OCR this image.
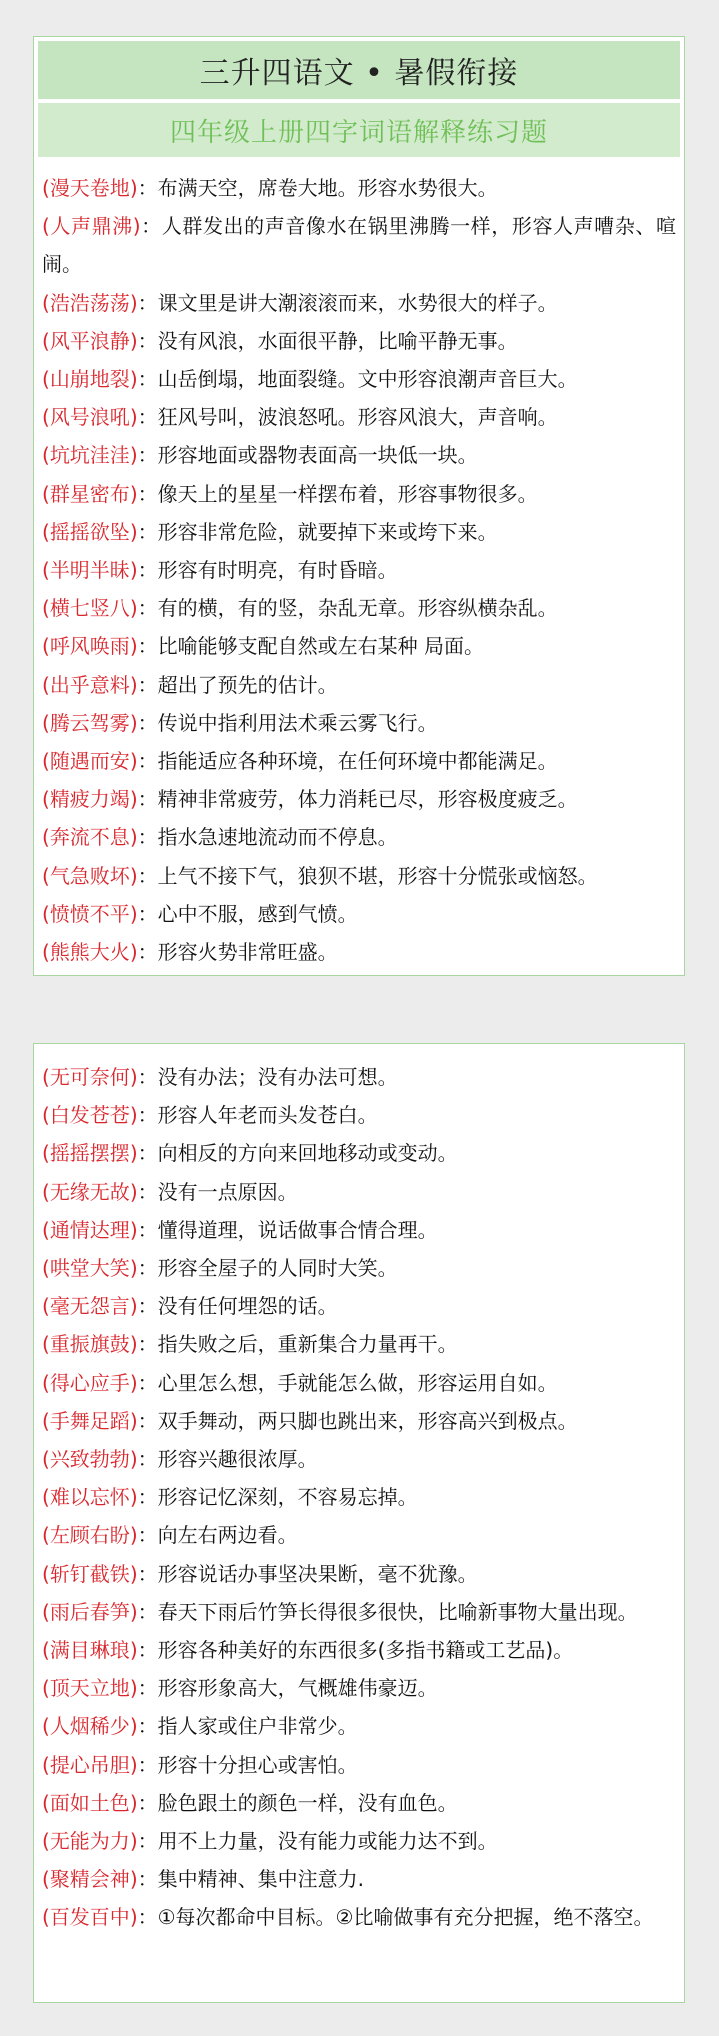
三升四语文 • 暑假衔接
四年级上册四字词语解释练习题
(漫天卷地)：布满天空，席卷大地。形容水势很大。
(人声鼎沸)：人群发出的声音像水在锅里沸腾一样，形容人声嘈杂、喧闹。
(浩浩荡荡)：课文里是讲大潮滚滚而来，水势很大的样子。
(风平浪静)：没有风浪，水面很平静，比喻平静无事。
(山崩地裂)：山岳倒塌，地面裂缝。文中形容浪潮声音巨大。
(风号浪吼)：狂风号叫，波浪怒吼。形容风浪大，声音响。
(坑坑洼洼)：形容地面或器物表面高一块低一块。
(群星密布)：像天上的星星一样摆布着，形容事物很多。
(摇摇欲坠)：形容非常危险，就要掉下来或垮下来。
(半明半昧)：形容有时明亮，有时昏暗。
(横七竖八)：有的横，有的竖，杂乱无章。形容纵横杂乱。
(呼风唤雨)：比喻能够支配自然或左右某种 局面。
(出乎意料)：超出了预先的估计。
(腾云驾雾)：传说中指利用法术乘云雾飞行。
(随遇而安)：指能适应各种环境，在任何环境中都能满足。
(精疲力竭)：精神非常疲劳，体力消耗已尽，形容极度疲乏。
(奔流不息)：指水急速地流动而不停息。
(气急败坏)：上气不接下气，狼狈不堪，形容十分慌张或恼怒。
(愤愤不平)：心中不服，感到气愤。
(熊熊大火)：形容火势非常旺盛。
(无可奈何)：没有办法；没有办法可想。
(白发苍苍)：形容人年老而头发苍白。
(摇摇摆摆)：向相反的方向来回地移动或变动。
(无缘无故)：没有一点原因。
(通情达理)：懂得道理，说话做事合情合理。
(哄堂大笑)：形容全屋子的人同时大笑。
(毫无怨言)：没有任何埋怨的话。
(重振旗鼓)：指失败之后，重新集合力量再干。
(得心应手)：心里怎么想，手就能怎么做，形容运用自如。
(手舞足蹈)：双手舞动，两只脚也跳出来，形容高兴到极点。
(兴致勃勃)：形容兴趣很浓厚。
(难以忘怀)：形容记忆深刻，不容易忘掉。
(左顾右盼)：向左右两边看。
(斩钉截铁)：形容说话办事坚决果断，毫不犹豫。
(雨后春笋)：春天下雨后竹笋长得很多很快，比喻新事物大量出现。
(满目琳琅)：形容各种美好的东西很多(多指书籍或工艺品)。
(顶天立地)：形容形象高大，气概雄伟豪迈。
(人烟稀少)：指人家或住户非常少。
(提心吊胆)：形容十分担心或害怕。
(面如土色)：脸色跟土的颜色一样，没有血色。
(无能为力)：用不上力量，没有能力或能力达不到。
(聚精会神)：集中精神、集中注意力.
(百发百中)：①每次都命中目标。②比喻做事有充分把握，绝不落空。
